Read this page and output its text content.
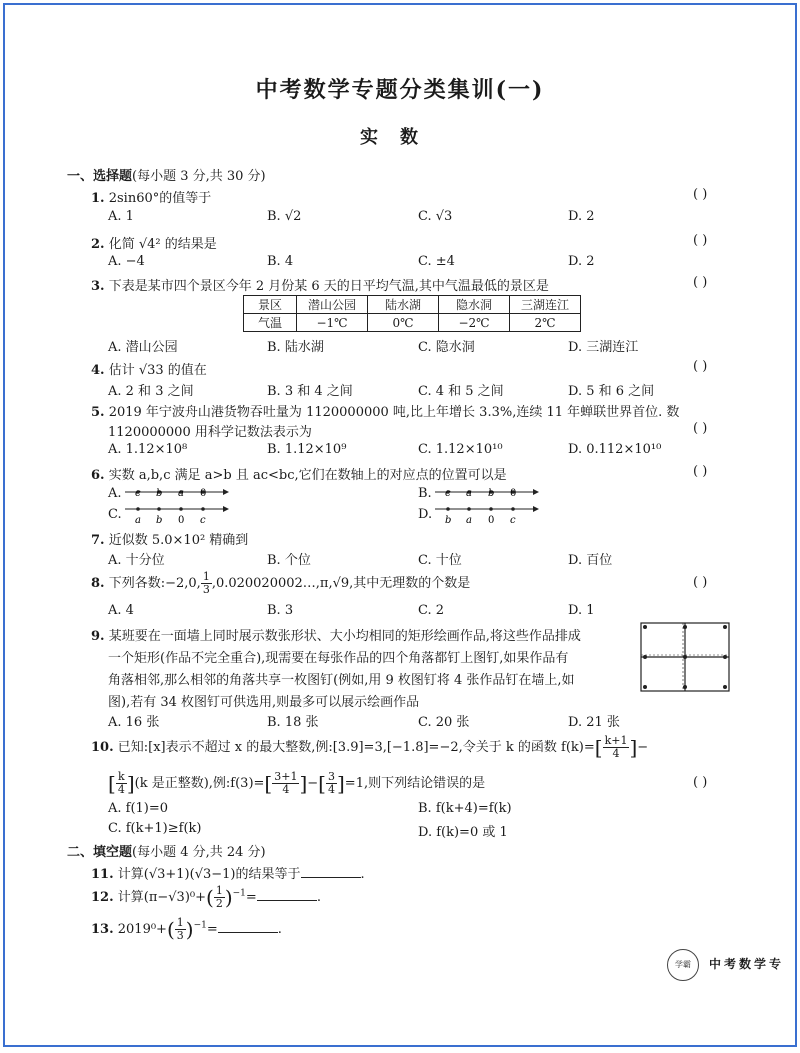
中考数学专题分类集训(一)
实数
一、选择题(每小题 3 分,共 30 分)
1. 2sin60°的值等于	( )
A. 1	B. √2	C. √3	D. 2
2. 化简 √4² 的结果是	( )
A. −4	B. 4	C. ±4	D. 2
3. 下表是某市四个景区今年 2 月份某 6 天的日平均气温,其中气温最低的景区是	( )
景区	潜山公园	陆水湖	隐水洞	三湖连江
气温	−1℃	0℃	−2℃	2℃
A. 潜山公园	B. 陆水湖	C. 隐水洞	D. 三湖连江
4. 估计 √33 的值在	( )
A. 2 和 3 之间	B. 3 和 4 之间	C. 4 和 5 之间	D. 5 和 6 之间
5. 2019 年宁波舟山港货物吞吐量为 1120000000 吨,比上年增长 3.3%,连续 11 年蝉联世界首位. 数
1120000000 用科学记数法表示为	( )
A. 1.12×10⁸	B. 1.12×10⁹	C. 1.12×10¹⁰	D. 0.112×10¹⁰
6. 实数 a,b,c 满足 a>b 且 ac<bc,它们在数轴上的对应点的位置可以是	( )
A. c b a 0	B. c a b 0
C. a b 0 c	D. b a 0 c
7. 近似数 5.0×10² 精确到
A. 十分位	B. 个位	C. 十位	D. 百位
8. 下列各数:−2,0, $\frac{1}{3}$ ,0.020020002…,π,√9,其中无理数的个数是	( )
A. 4	B. 3	C. 2	D. 1
9. 某班要在一面墙上同时展示数张形状、大小均相同的矩形绘画作品,将这些作品排成
一个矩形(作品不完全重合),现需要在每张作品的四个角落都钉上图钉,如果作品有
角落相邻,那么相邻的角落共享一枚图钉(例如,用 9 枚图钉将 4 张作品钉在墙上,如
图),若有 34 枚图钉可供选用,则最多可以展示绘画作品
A. 16 张	B. 18 张	C. 20 张	D. 21 张
10. 已知:[x]表示不超过 x 的最大整数,例:[3.9]=3,[−1.8]=−2,令关于 k 的函数 $f(k)=[ \frac{k+1}{4}$ ]−
[ $\frac{k}{4} ](k$ 是正整数),例:f(3)=[ $\frac{3+1}{4}$ ]−[ $\frac{3}{4} ]=1$,则下列结论错误的是	( )
A. f(1)=0	B. f(k+4)=f(k)
C. f(k+1)≥f(k)	D. f(k)=0 或 1
二、填空题(每小题 4 分,共 24 分)
11. 计算(√3+1)(√3−1)的结果等于	.
12. 计算$(\pi-√3)^0+( \frac{1}{2} )^{-1}=$	.
13. $2019^0+( \frac{1}{3} )^{-1}=$	.
学霸	中考数学专
